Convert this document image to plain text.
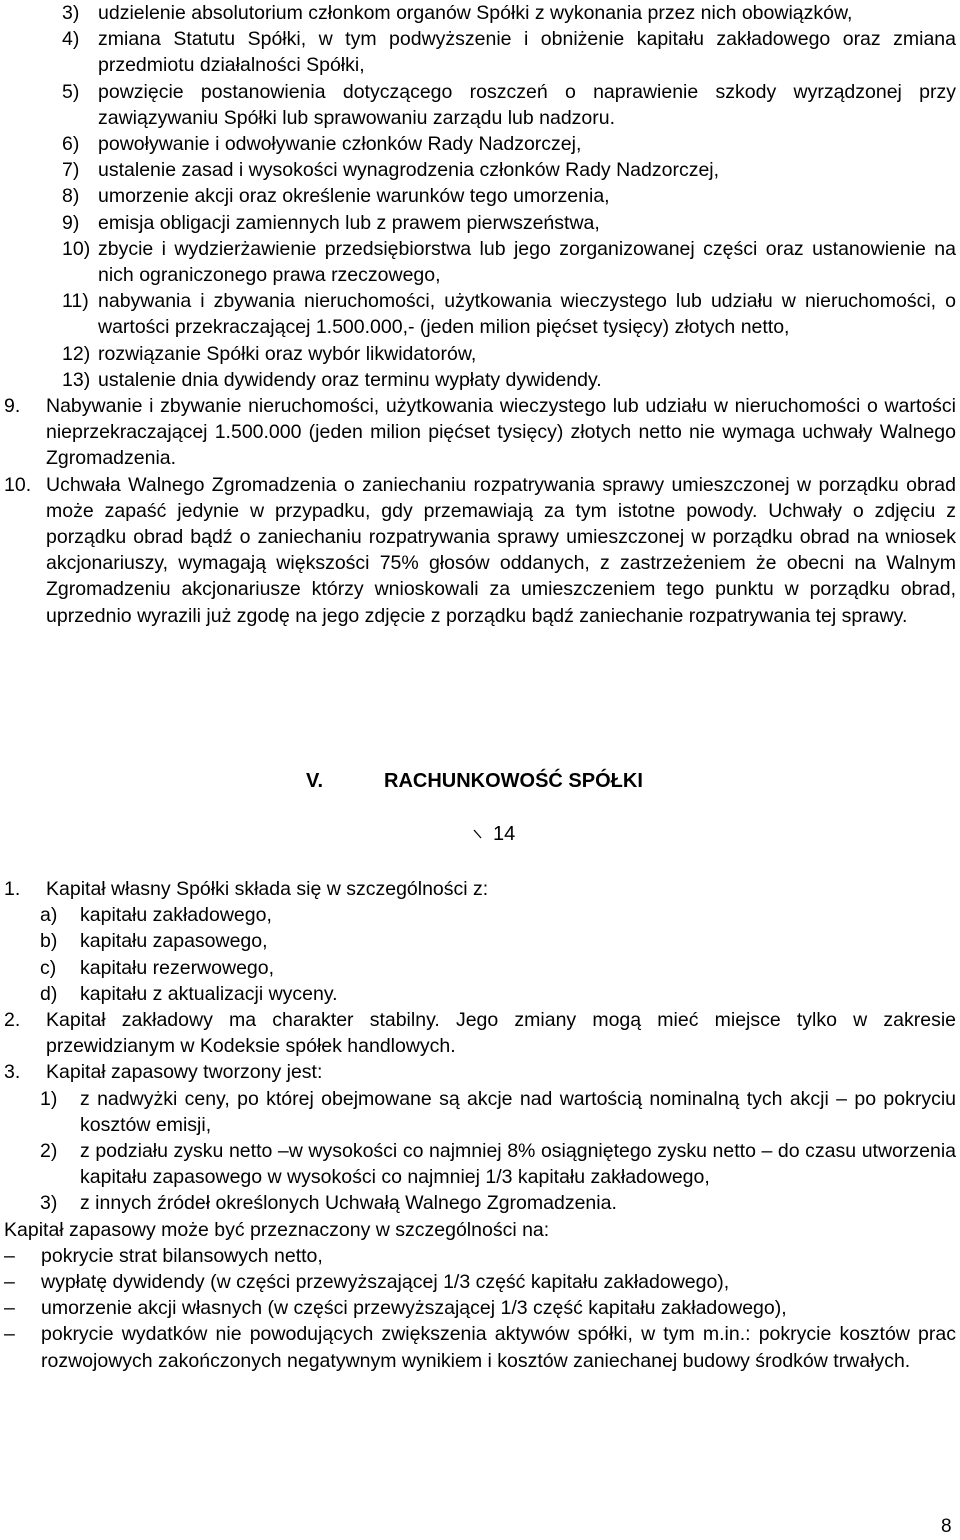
3) udzielenie absolutorium członkom organów Spółki z wykonania przez nich obowiązków,
4) zmiana Statutu Spółki, w tym podwyższenie i obniżenie kapitału zakładowego oraz zmiana przedmiotu działalności Spółki,
5) powzięcie postanowienia dotyczącego roszczeń o naprawienie szkody wyrządzonej przy zawiązywaniu Spółki lub sprawowaniu zarządu lub nadzoru.
6) powoływanie i odwoływanie członków Rady Nadzorczej,
7) ustalenie zasad i wysokości wynagrodzenia członków Rady Nadzorczej,
8) umorzenie akcji oraz określenie warunków tego umorzenia,
9) emisja obligacji zamiennych lub z prawem pierwszeństwa,
10) zbycie i wydzierżawienie przedsiębiorstwa lub jego zorganizowanej części oraz ustanowienie na nich ograniczonego prawa rzeczowego,
11) nabywania i zbywania nieruchomości, użytkowania wieczystego lub udziału w nieruchomości, o wartości przekraczającej 1.500.000,- (jeden milion pięćset tysięcy) złotych netto,
12) rozwiązanie Spółki oraz wybór likwidatorów,
13) ustalenie dnia dywidendy oraz terminu wypłaty dywidendy.
9. Nabywanie i zbywanie nieruchomości, użytkowania wieczystego lub udziału w nieruchomości o wartości nieprzekraczającej 1.500.000 (jeden milion pięćset tysięcy) złotych netto nie wymaga uchwały Walnego Zgromadzenia.
10. Uchwała Walnego Zgromadzenia o zaniechaniu rozpatrywania sprawy umieszczonej w porządku obrad może zapaść jedynie w przypadku, gdy przemawiają za tym istotne powody. Uchwały o zdjęciu z porządku obrad bądź o zaniechaniu rozpatrywania sprawy umieszczonej w porządku obrad na wniosek akcjonariuszy, wymagają większości 75% głosów oddanych, z zastrzeżeniem że obecni na Walnym Zgromadzeniu akcjonariusze którzy wnioskowali za umieszczeniem tego punktu w porządku obrad, uprzednio wyrazili już zgodę na jego zdjęcie z porządku bądź zaniechanie rozpatrywania tej sprawy.
V.	RACHUNKOWOŚĆ SPÓŁKI
14
1. Kapitał własny Spółki składa się w szczególności z:
a) kapitału zakładowego,
b) kapitału zapasowego,
c) kapitału rezerwowego,
d) kapitału z aktualizacji wyceny.
2. Kapitał zakładowy ma charakter stabilny. Jego zmiany mogą mieć miejsce tylko w zakresie przewidzianym w Kodeksie spółek handlowych.
3. Kapitał zapasowy tworzony jest:
1) z nadwyżki ceny, po której obejmowane są akcje nad wartością nominalną tych akcji – po pokryciu kosztów emisji,
2) z podziału zysku netto –w wysokości co najmniej 8% osiągniętego zysku netto – do czasu utworzenia kapitału zapasowego w wysokości co najmniej 1/3 kapitału zakładowego,
3) z innych źródeł określonych Uchwałą Walnego Zgromadzenia.
Kapitał zapasowy może być przeznaczony w szczególności na:
– pokrycie strat bilansowych netto,
– wypłatę dywidendy (w części przewyższającej 1/3 część kapitału zakładowego),
– umorzenie akcji własnych (w części przewyższającej 1/3 część kapitału zakładowego),
– pokrycie wydatków nie powodujących zwiększenia aktywów spółki, w tym m.in.: pokrycie kosztów prac rozwojowych zakończonych negatywnym wynikiem i kosztów zaniechanej budowy środków trwałych.
8
